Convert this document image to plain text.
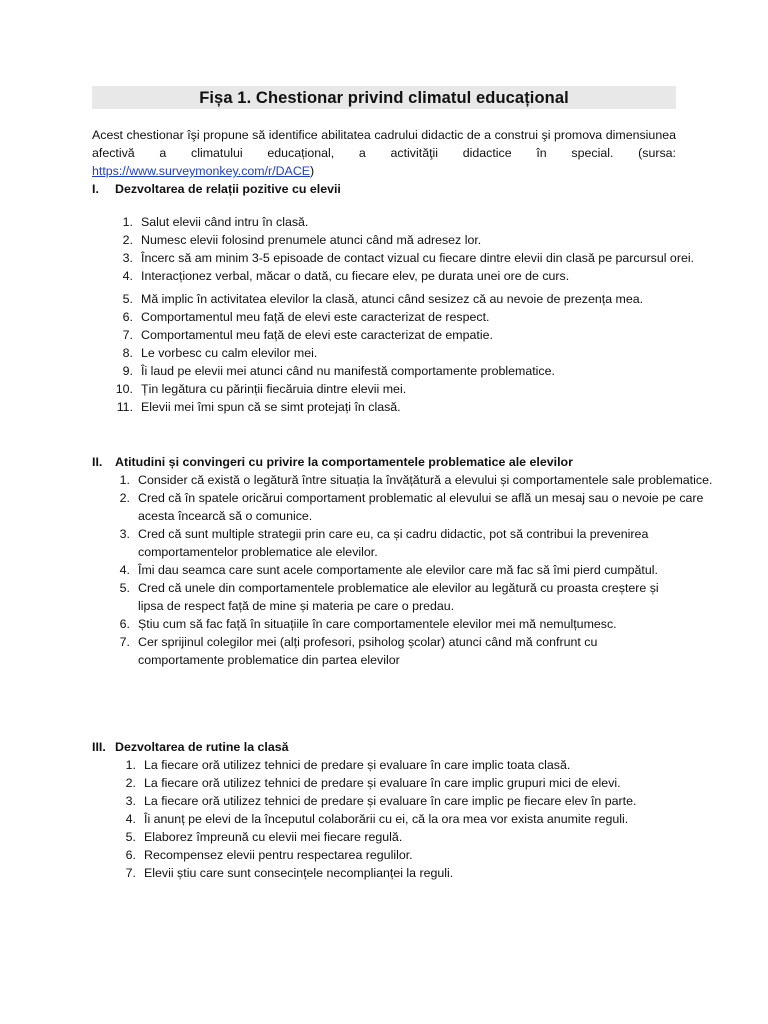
Fișa 1. Chestionar privind climatul educațional
Acest chestionar îşi propune să identifice abilitatea cadrului didactic de a construi şi promova dimensiunea afectivă a climatului educațional, a activităţii didactice în special. (sursa: https://www.surveymonkey.com/r/DACE)
I.	Dezvoltarea de relații pozitive cu elevii
1. Salut elevii când intru în clasă.
2. Numesc elevii folosind prenumele atunci când mă adresez lor.
3. Încerc să am minim 3-5 episoade de contact vizual cu fiecare dintre elevii din clasă pe parcursul orei.
4. Interacționez verbal, măcar o dată, cu fiecare elev, pe durata unei ore de curs.
5. Mă implic în activitatea elevilor la clasă, atunci când sesizez că au nevoie de prezența mea.
6. Comportamentul meu față de elevi este caracterizat de respect.
7. Comportamentul meu față de elevi este caracterizat de empatie.
8. Le vorbesc cu calm elevilor mei.
9. Îi laud pe elevii mei atunci când nu manifestă comportamente problematice.
10. Țin legătura cu părinții fiecăruia dintre elevii mei.
11. Elevii mei îmi spun că se simt protejați în clasă.
II.	Atitudini și convingeri cu privire la comportamentele problematice ale elevilor
1. Consider că există o legătură între situația la învățătură a elevului și comportamentele sale problematice.
2. Cred că în spatele oricărui comportament problematic al elevului se află un mesaj sau o nevoie pe care acesta încearcă să o comunice.
3. Cred că sunt multiple strategii prin care eu, ca și cadru didactic, pot să contribui la prevenirea comportamentelor problematice ale elevilor.
4. Îmi dau seamca care sunt acele comportamente ale elevilor care mă fac să îmi pierd cumpătul.
5. Cred că unele din comportamentele problematice ale elevilor au legătură cu proasta creștere și lipsa de respect față de mine și materia pe care o predau.
6. Știu cum să fac față în situațiile în care comportamentele elevilor mei mă nemulțumesc.
7. Cer sprijinul colegilor mei (alți profesori, psiholog școlar) atunci când mă confrunt cu comportamente problematice din partea elevilor
III. Dezvoltarea de rutine la clasă
1. La fiecare oră utilizez tehnici de predare și evaluare în care implic toata clasă.
2. La fiecare oră utilizez tehnici de predare și evaluare în care implic grupuri mici de elevi.
3. La fiecare oră utilizez tehnici de predare și evaluare în care implic pe fiecare elev în parte.
4. Îi anunț pe elevi de la începutul colaborării cu ei, că la ora mea vor exista anumite reguli.
5. Elaborez împreună cu elevii mei fiecare regulă.
6. Recompensez elevii pentru respectarea regulilor.
7. Elevii știu care sunt consecințele necomplianței la reguli.
